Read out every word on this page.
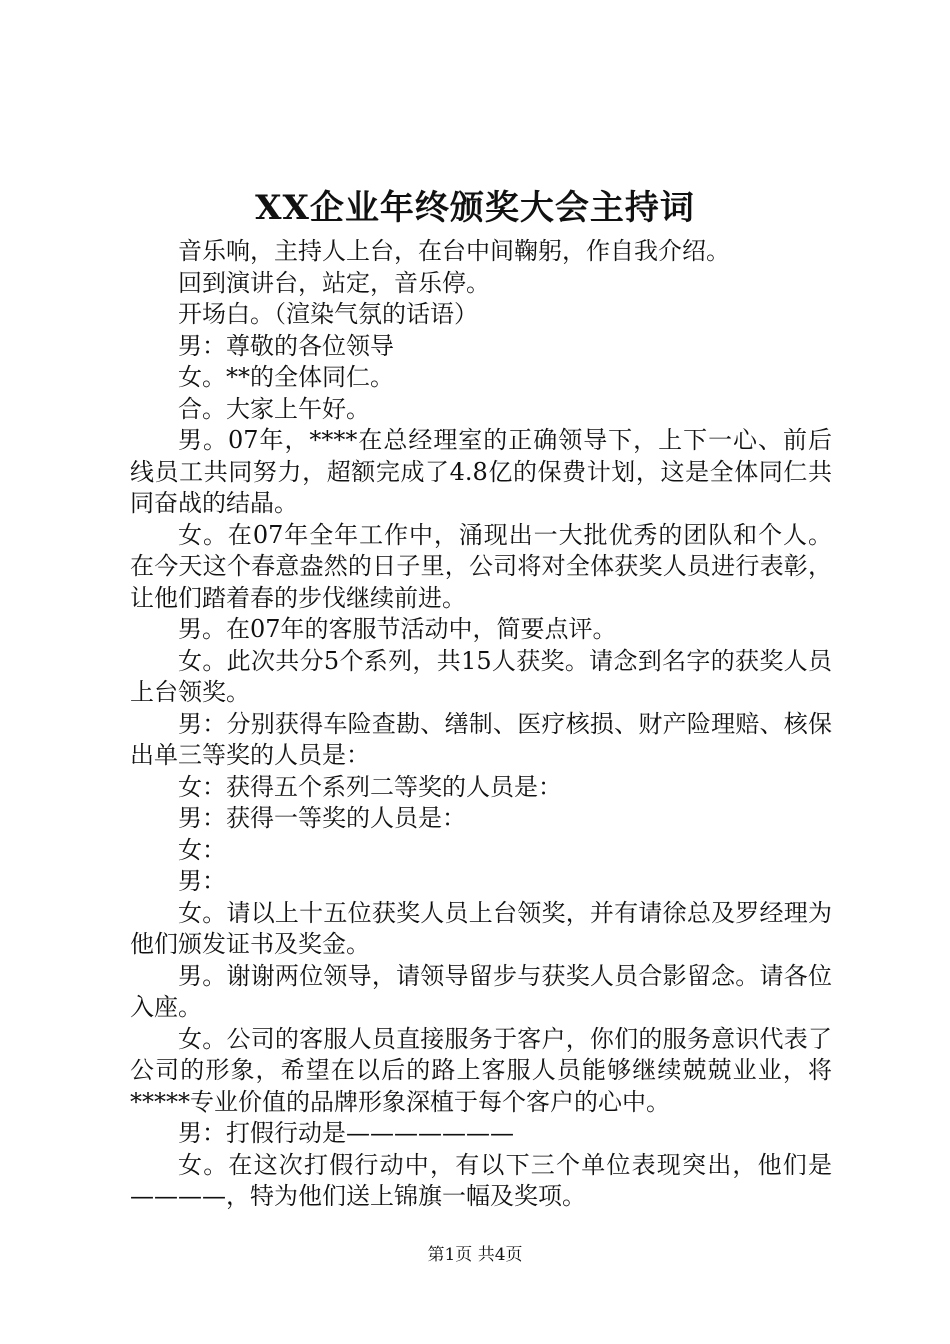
XX企业年终颁奖大会主持词

音乐响，主持人上台，在台中间鞠躬，作自我介绍。

回到演讲台，站定，音乐停。

开场白。（渲染气氛的话语）

男：尊敬的各位领导

女。**的全体同仁。

合。大家上午好。

男。07年，****在总经理室的正确领导下，上下一心、前后线员工共同努力，超额完成了4.8亿的保费计划，这是全体同仁共同奋战的结晶。

女。在07年全年工作中，涌现出一大批优秀的团队和个人。在今天这个春意盎然的日子里，公司将对全体获奖人员进行表彰，让他们踏着春的步伐继续前进。

男。在07年的客服节活动中，简要点评。

女。此次共分5个系列，共15人获奖。请念到名字的获奖人员上台领奖。

男：分别获得车险查勘、缮制、医疗核损、财产险理赔、核保出单三等奖的人员是：

女：获得五个系列二等奖的人员是：

男：获得一等奖的人员是：

女：

男：

女。请以上十五位获奖人员上台领奖，并有请徐总及罗经理为他们颁发证书及奖金。

男。谢谢两位领导，请领导留步与获奖人员合影留念。请各位入座。

女。公司的客服人员直接服务于客户，你们的服务意识代表了公司的形象，希望在以后的路上客服人员能够继续兢兢业业，将*****专业价值的品牌形象深植于每个客户的心中。

男：打假行动是———————

女。在这次打假行动中，有以下三个单位表现突出，他们是————，特为他们送上锦旗一幅及奖项。

第1页 共4页
